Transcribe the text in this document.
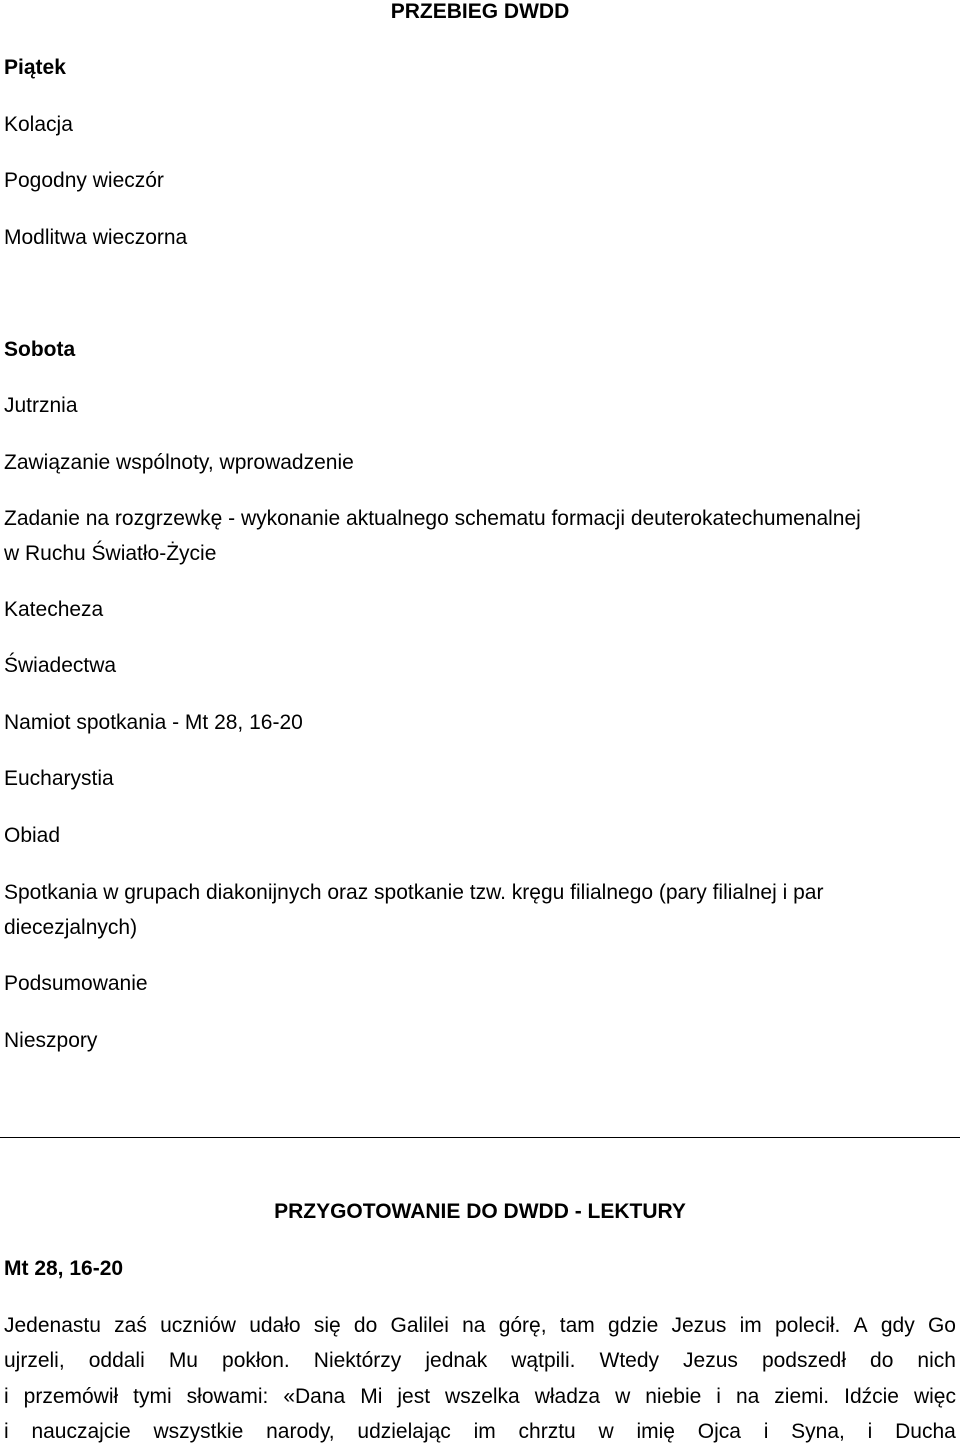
PRZEBIEG DWDD
Piątek
Kolacja
Pogodny wieczór
Modlitwa wieczorna
Sobota
Jutrznia
Zawiązanie wspólnoty, wprowadzenie
Zadanie na rozgrzewkę - wykonanie aktualnego schematu formacji deuterokatechumenalnej
w Ruchu Światło-Życie
Katecheza
Świadectwa
Namiot spotkania - Mt 28, 16-20
Eucharystia
Obiad
Spotkania w grupach diakonijnych oraz spotkanie tzw. kręgu filialnego (pary filialnej i par
diecezjalnych)
Podsumowanie
Nieszpory
PRZYGOTOWANIE DO DWDD - LEKTURY
Mt 28, 16-20
Jedenastu zaś uczniów udało się do Galilei na górę, tam gdzie Jezus im polecił. A gdy Go
ujrzeli, oddali Mu pokłon. Niektórzy jednak wątpili. Wtedy Jezus podszedł do nich
i przemówił tymi słowami: «Dana Mi jest wszelka władza w niebie i na ziemi. Idźcie więc
i nauczajcie wszystkie narody, udzielając im chrztu w imię Ojca i Syna, i Ducha
